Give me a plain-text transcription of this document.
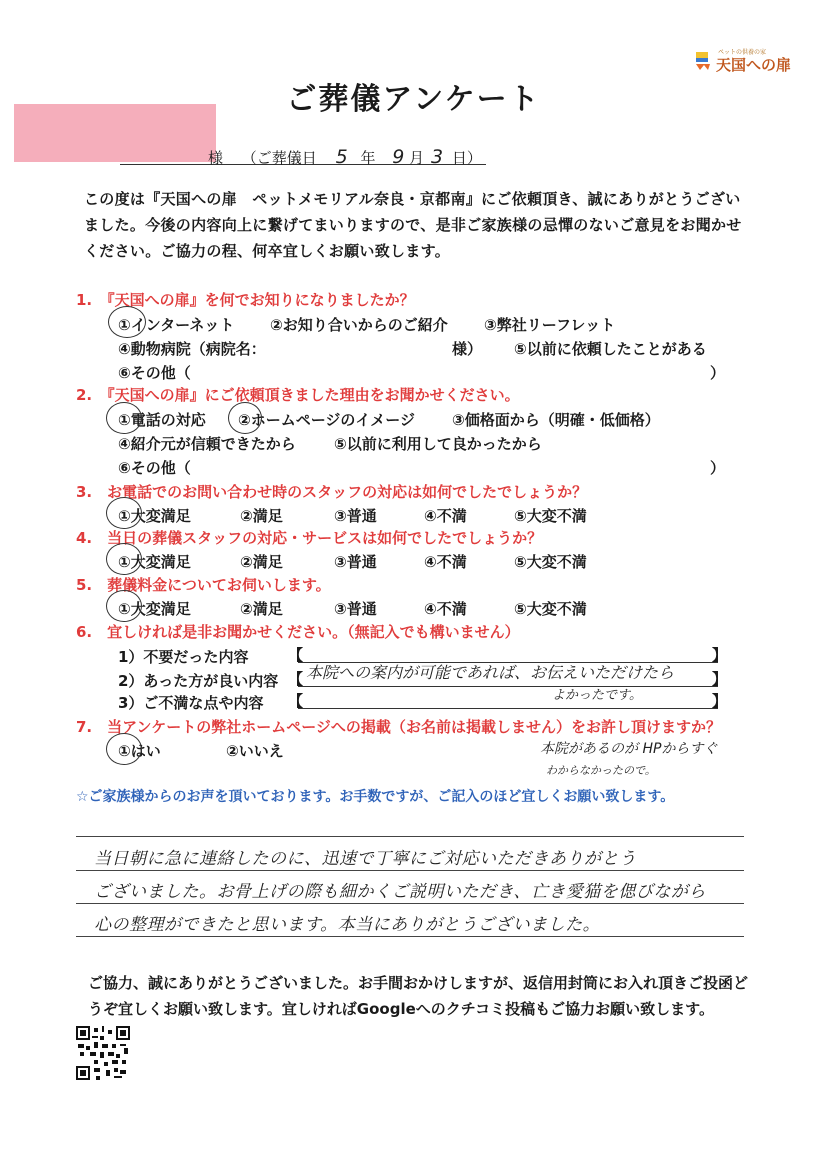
ペットの供養の家
天国への扉
ご葬儀アンケート
様 （ご葬儀日 5 年 9 月 3 日）
この度は『天国への扉　ペットメモリアル奈良・京都南』にご依頼頂き、誠にありがとうございました。今後の内容向上に繋げてまいりますので、是非ご家族様の忌憚のないご意見をお聞かせください。ご協力の程、何卒宜しくお願い致します。
1.　『天国への扉』を何でお知りになりましたか？
①インターネット ②お知り合いからのご紹介 ③弊社リーフレット
④動物病院（病院名：	様） ⑤以前に依頼したことがある
⑥その他（	）
2.　『天国への扉』にご依頼頂きました理由をお聞かせください。
①電話の対応 ②ホームページのイメージ ③価格面から（明確・低価格）
④紹介元が信頼できたから	⑤以前に利用して良かったから
⑥その他（	）
3.　お電話でのお問い合わせ時のスタッフの対応は如何でしたでしょうか？
①大変満足	②満足	③普通	④不満	⑤大変不満
4.　当日の葬儀スタッフの対応・サービスは如何でしたでしょうか？
①大変満足	②満足	③普通	④不満	⑤大変不満
5.　葬儀料金についてお伺いします。
①大変満足	②満足	③普通	④不満	⑤大変不満
6.　宜しければ是非お聞かせください。（無記入でも構いません）
1）不要だった内容	【	】
2）あった方が良い内容 【 本院への案内が可能であれば、お伝えいただけたら	】
よかったです。
3）ご不満な点や内容 【	】
7.　当アンケートの弊社ホームページへの掲載（お名前は掲載しません）をお許し頂けますか？
①はい	②いいえ	本院があるのが HPからすぐ
わからなかったので。
☆ご家族様からのお声を頂いております。お手数ですが、ご記入のほど宜しくお願い致します。
当日朝に急に連絡したのに、迅速で丁寧にご対応いただきありがとう
ございました。お骨上げの際も細かくご説明いただき、亡き愛猫を偲びながら
心の整理ができたと思います。本当にありがとうございました。
ご協力、誠にありがとうございました。お手間おかけしますが、返信用封筒にお入れ頂きご投函どうぞ宜しくお願い致します。宜しければGoogleへのクチコミ投稿もご協力お願い致します。
